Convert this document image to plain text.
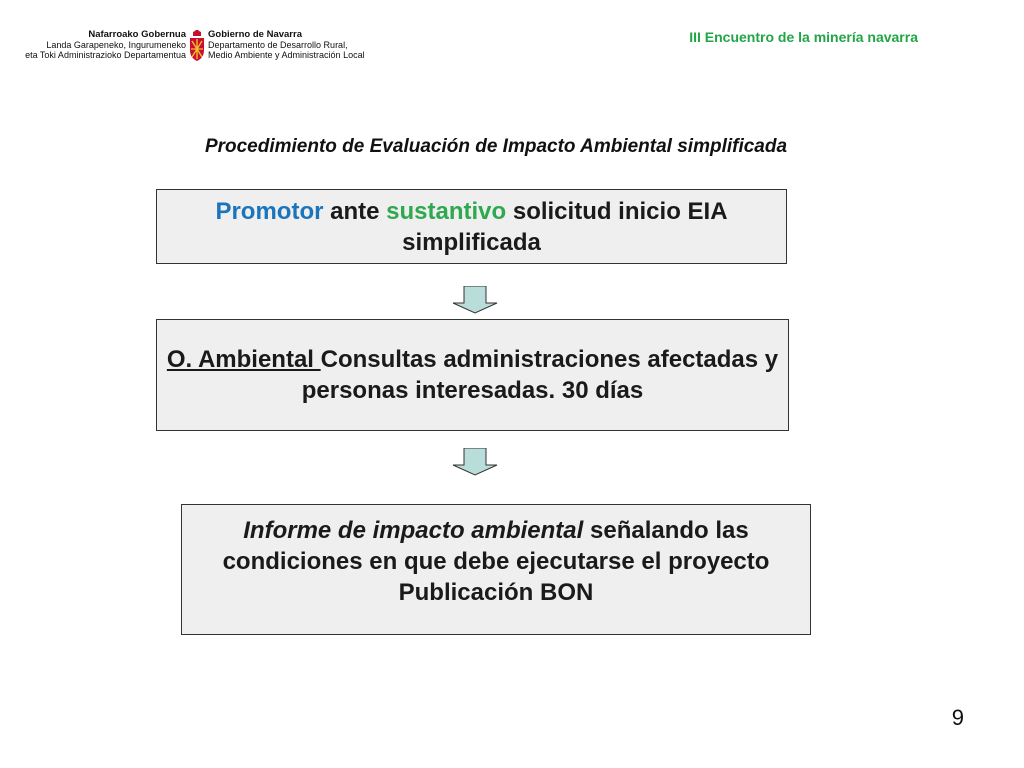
Nafarroako Gobernua
Landa Garapeneko, Ingurumeneko
eta Toki Administrazioko Departamentua
Gobierno de Navarra
Departamento de Desarrollo Rural,
Medio Ambiente y Administración Local
III Encuentro de la minería navarra
Procedimiento de Evaluación de Impacto Ambiental simplificada
Promotor ante sustantivo solicitud inicio EIA simplificada
O. Ambiental Consultas administraciones afectadas y personas interesadas. 30 días
Informe de impacto ambiental señalando las condiciones en que debe ejecutarse el proyecto
Publicación BON
9
